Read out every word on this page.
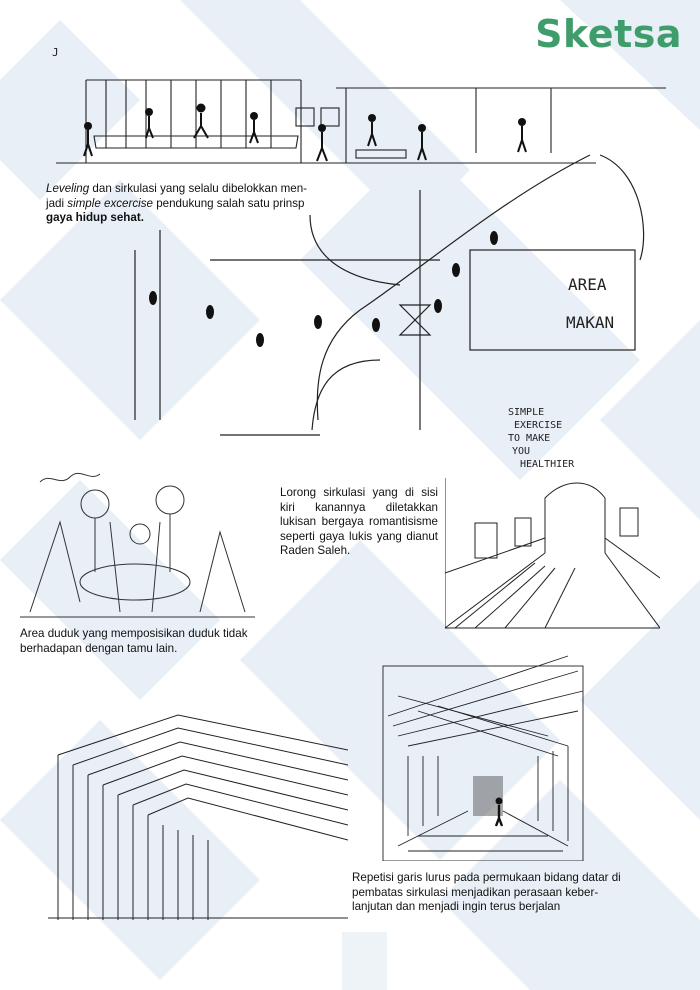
Sketsa
J
Leveling dan sirkulasi yang selalu dibelokkan men-
jadi simple excercise pendukung salah satu prinsp
gaya hidup sehat.
AREA
MAKAN
Area duduk yang memposisikan duduk tidak berhadapan dengan tamu lain.
Lorong sirkulasi yang di sisi kiri kanannya diletakkan lukisan bergaya romantisisme seperti gaya lukis yang dianut Raden Saleh.
SIMPLE
EXERCISE
TO MAKE
YOU
HEALTHIER
Repetisi garis lurus pada permukaan bidang datar di pembatas sirkulasi menjadikan perasaan keber-lanjutan dan menjadi ingin terus berjalan
